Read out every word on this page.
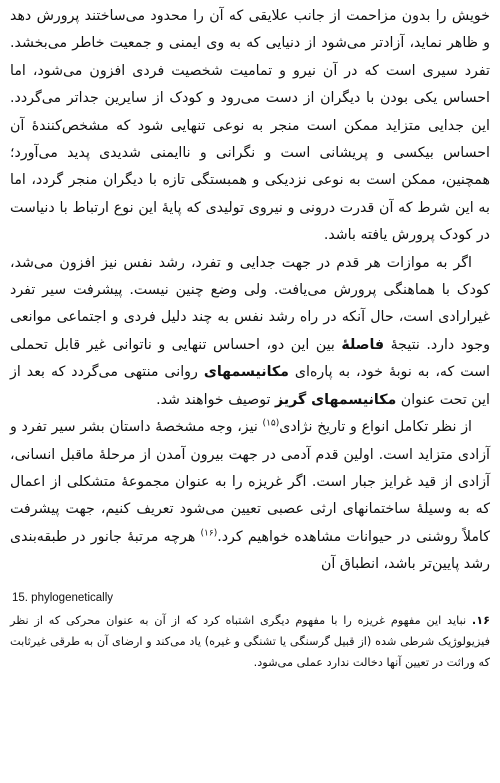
خویش را بدون مزاحمت از جانب علایقی که آن را محدود می‌ساختند پرورش دهد و ظاهر نماید، آزادتر می‌شود از دنیایی که به وی ایمنی و جمعیت خاطر می‌بخشد. تفرد سیری است که در آن نیرو و تمامیت شخصیت فردی افزون می‌شود، اما احساس یکی بودن با دیگران از دست می‌رود و کودک از سایرین جداتر می‌گردد. این جدایی متزاید ممکن است منجر به نوعی تنهایی شود که مشخص‌کنندهٔ آن احساس بیکسی و پریشانی است و نگرانی و ناایمنی شدیدی پدید می‌آورد؛ همچنین، ممکن است به نوعی نزدیکی و همبستگی تازه با دیگران منجر گردد، اما به این شرط که آن قدرت درونی و نیروی تولیدی که پایهٔ این نوع ارتباط با دنیاست در کودک پرورش یافته باشد.

اگر به موازات هر قدم در جهت جدایی و تفرد، رشد نفس نیز افزون می‌شد، کودک با هماهنگی پرورش می‌یافت. ولی وضع چنین نیست. پیشرفت سیر تفرد غیرارادی است، حال آنکه در راه رشد نفس به چند دلیل فردی و اجتماعی موانعی وجود دارد. نتیجهٔ فاصلهٔ بین این دو، احساس تنهایی و ناتوانی غیر قابل تحملی است که، به نوبهٔ خود، به پاره‌ای مکانیسمهای روانی منتهی می‌گردد که بعد از این تحت عنوان مکانیسمهای گریز توصیف خواهند شد.

از نظر تکامل انواع و تاریخ نژادی$^{(۱۵)}$ نیز، وجه مشخصهٔ داستان بشر سیر تفرد و آزادی متزاید است. اولین قدم آدمی در جهت بیرون آمدن از مرحلهٔ ماقبل انسانی، آزادی از قید غرایز جبار است. اگر غریزه را به عنوان مجموعهٔ متشکلی از اعمال که به وسیلهٔ ساختمانهای ارثی عصبی تعیین می‌شود تعریف کنیم، جهت پیشرفت کاملاً روشنی در حیوانات مشاهده خواهیم کرد.$^{(۱۶)}$ هرچه مرتبهٔ جانور در طبقه‌بندی رشد پایین‌تر باشد، انطباق آن

15. phylogenetically
۱۶. نباید این مفهوم غریزه را با مفهوم دیگری اشتباه کرد که از آن به عنوان محرکی که از نظر فیزیولوژیک شرطی شده (از قبیل گرسنگی یا تشنگی و غیره) یاد می‌کند و ارضای آن به طرقی غیرثابت که وراثت در تعیین آنها دخالت ندارد عملی می‌شود.
